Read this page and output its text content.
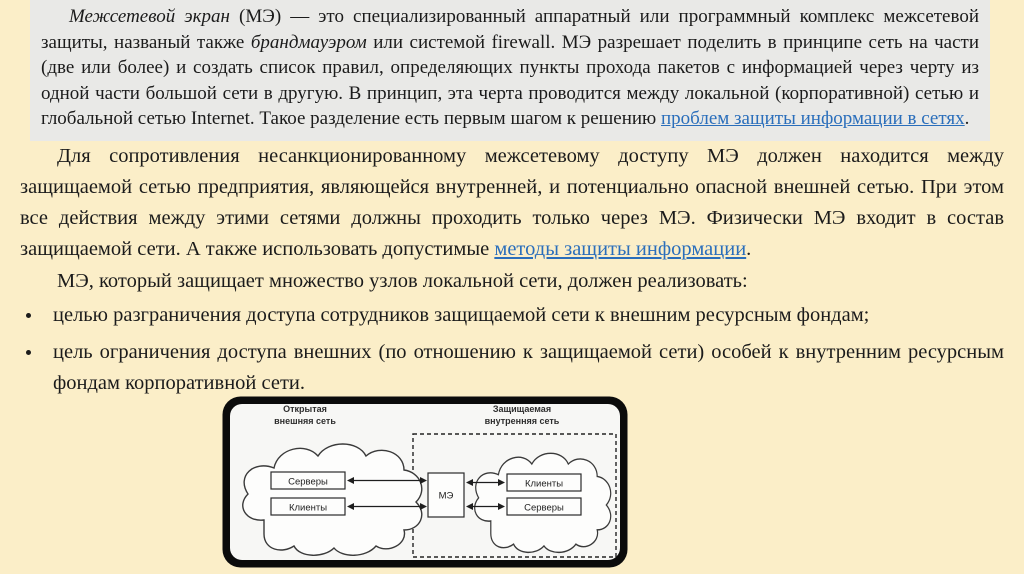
Межсетевой экран (МЭ) — это специализированный аппаратный или программный комплекс межсетевой защиты, названый также брандмауэром или системой firewall. МЭ разрешает поделить в принципе сеть на части (две или более) и создать список правил, определяющих пункты прохода пакетов с информацией через черту из одной части большой сети в другую. В принцип, эта черта проводится между локальной (корпоративной) сетью и глобальной сетью Internet. Такое разделение есть первым шагом к решению проблем защиты информации в сетях.

Для сопротивления несанкционированному межсетевому доступу МЭ должен находится между защищаемой сетью предприятия, являющейся внутренней, и потенциально опасной внешней сетью. При этом все действия между этими сетями должны проходить только через МЭ. Физически МЭ входит в состав защищаемой сети. А также использовать допустимые методы защиты информации.

МЭ, который защищает множество узлов локальной сети, должен реализовать:

целью разграничения доступа сотрудников защищаемой сети к внешним ресурсным фондам;
цель ограничения доступа внешних (по отношению к защищаемой сети) особей к внутренним ресурсным фондам корпоративной сети.
Открытая
внешняя сеть
Защищаемая
внутренняя сеть
Серверы
Клиенты
МЭ
Клиенты
Серверы
